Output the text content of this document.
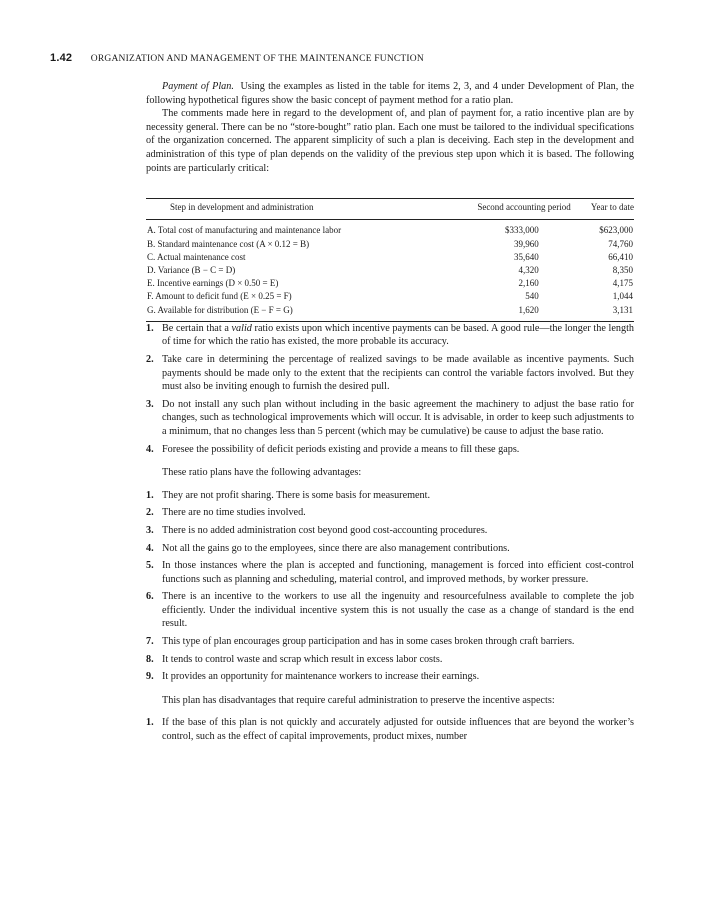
1.42 ORGANIZATION AND MANAGEMENT OF THE MAINTENANCE FUNCTION

Payment of Plan. Using the examples as listed in the table for items 2, 3, and 4 under Development of Plan, the following hypothetical figures show the basic concept of payment method for a ratio plan.

The comments made here in regard to the development of, and plan of payment for, a ratio incentive plan are by necessity general. There can be no “store-bought” ratio plan. Each one must be tailored to the individual specifications of the organization concerned. The apparent simplicity of such a plan is deceiving. Each step in the development and administration of this type of plan depends on the validity of the previous step upon which it is based. The following points are particularly critical:

Step in development and administration	Second accounting period	Year to date
A. Total cost of manufacturing and maintenance labor	$333,000	$623,000
B. Standard maintenance cost (A × 0.12 = B)	39,960	74,760
C. Actual maintenance cost	35,640	66,410
D. Variance (B − C = D)	4,320	8,350
E. Incentive earnings (D × 0.50 = E)	2,160	4,175
F. Amount to deficit fund (E × 0.25 = F)	540	1,044
G. Available for distribution (E − F = G)	1,620	3,131
1. Be certain that a valid ratio exists upon which incentive payments can be based. A good rule—the longer the length of time for which the ratio has existed, the more probable its accuracy.
2. Take care in determining the percentage of realized savings to be made available as incentive payments. Such payments should be made only to the extent that the recipients can control the variable factors involved. But they must also be inviting enough to furnish the desired pull.
3. Do not install any such plan without including in the basic agreement the machinery to adjust the base ratio for changes, such as technological improvements which will occur. It is advisable, in order to keep such adjustments to a minimum, that no changes less than 5 percent (which may be cumulative) be cause to adjust the base ratio.
4. Foresee the possibility of deficit periods existing and provide a means to fill these gaps.

These ratio plans have the following advantages:

1. They are not profit sharing. There is some basis for measurement.
2. There are no time studies involved.
3. There is no added administration cost beyond good cost-accounting procedures.
4. Not all the gains go to the employees, since there are also management contributions.
5. In those instances where the plan is accepted and functioning, management is forced into efficient cost-control functions such as planning and scheduling, material control, and improved methods, by worker pressure.
6. There is an incentive to the workers to use all the ingenuity and resourcefulness available to complete the job efficiently. Under the individual incentive system this is not usually the case as a change of standard is the end result.
7. This type of plan encourages group participation and has in some cases broken through craft barriers.
8. It tends to control waste and scrap which result in excess labor costs.
9. It provides an opportunity for maintenance workers to increase their earnings.

This plan has disadvantages that require careful administration to preserve the incentive aspects:

1. If the base of this plan is not quickly and accurately adjusted for outside influences that are beyond the worker’s control, such as the effect of capital improvements, product mixes, number
